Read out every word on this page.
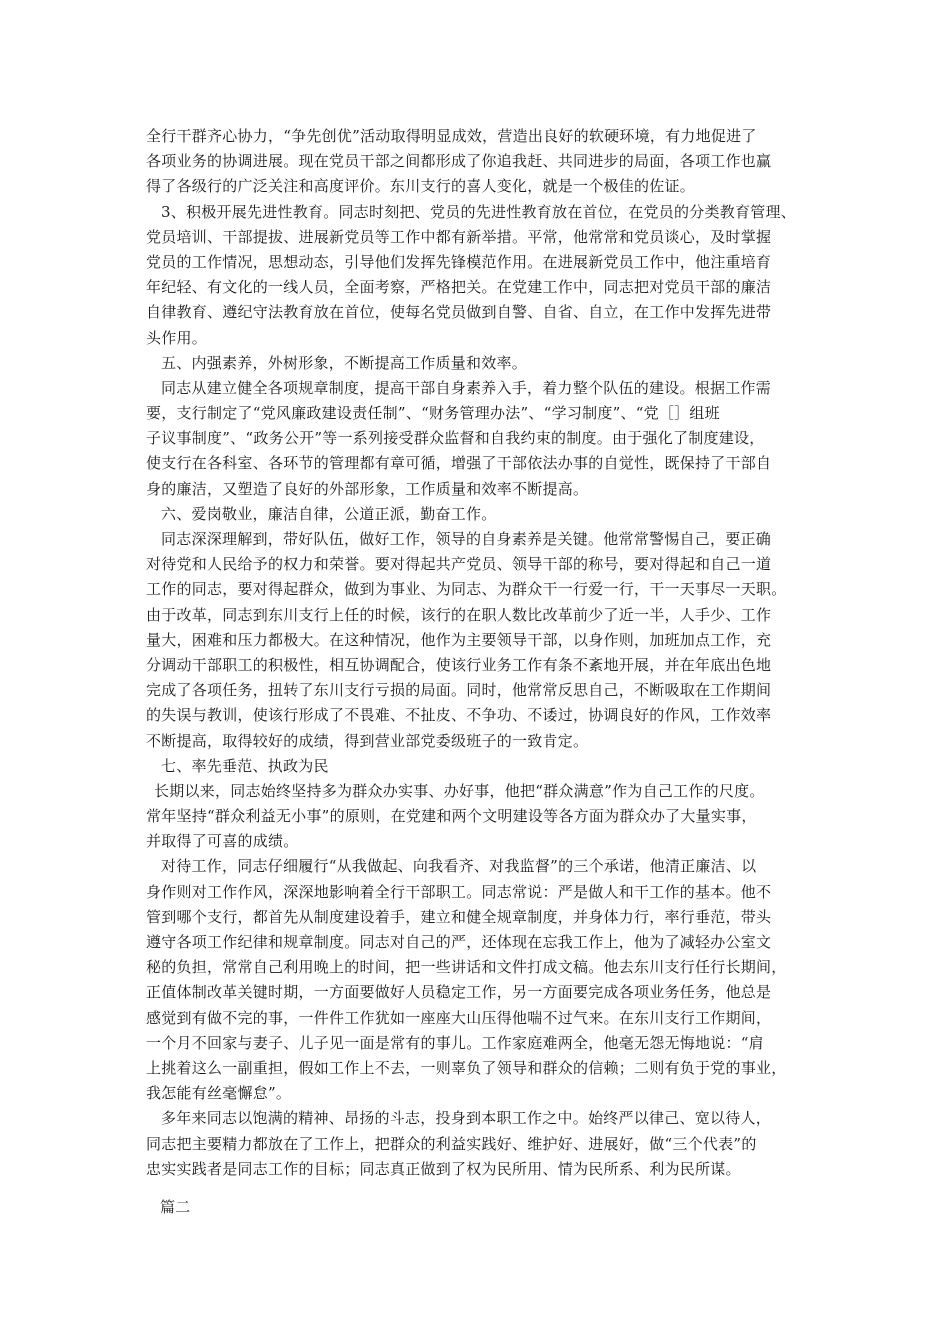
全行干群齐心协力，“争先创优”活动取得明显成效，营造出良好的软硬环境，有力地促进了
各项业务的协调进展。现在党员干部之间都形成了你追我赶、共同进步的局面，各项工作也赢
得了各级行的广泛关注和高度评价。东川支行的喜人变化，就是一个极佳的佐证。
3、积极开展先进性教育。同志时刻把、党员的先进性教育放在首位，在党员的分类教育管理、
党员培训、干部提拔、进展新党员等工作中都有新举措。平常，他常常和党员谈心，及时掌握
党员的工作情况，思想动态，引导他们发挥先锋模范作用。在进展新党员工作中，他注重培育
年纪轻、有文化的一线人员，全面考察，严格把关。在党建工作中，同志把对党员干部的廉洁
自律教育、遵纪守法教育放在首位，使每名党员做到自警、自省、自立，在工作中发挥先进带
头作用。
五、内强素养，外树形象，不断提高工作质量和效率。
同志从建立健全各项规章制度，提高干部自身素养入手，着力整个队伍的建设。根据工作需
要，支行制定了“党风廉政建设责任制”、“财务管理办法”、“学习制度”、“党［］组班
子议事制度”、“政务公开”等一系列接受群众监督和自我约束的制度。由于强化了制度建设，
使支行在各科室、各环节的管理都有章可循，增强了干部依法办事的自觉性，既保持了干部自
身的廉洁，又塑造了良好的外部形象，工作质量和效率不断提高。
六、爱岗敬业，廉洁自律，公道正派，勤奋工作。
同志深深理解到，带好队伍，做好工作，领导的自身素养是关键。他常常警惕自己，要正确
对待党和人民给予的权力和荣誉。要对得起共产党员、领导干部的称号，要对得起和自己一道
工作的同志，要对得起群众，做到为事业、为同志、为群众干一行爱一行，干一天事尽一天职。
由于改革，同志到东川支行上任的时候，该行的在职人数比改革前少了近一半，人手少、工作
量大，困难和压力都极大。在这种情况，他作为主要领导干部，以身作则，加班加点工作，充
分调动干部职工的积极性，相互协调配合，使该行业务工作有条不紊地开展，并在年底出色地
完成了各项任务，扭转了东川支行亏损的局面。同时，他常常反思自己，不断吸取在工作期间
的失误与教训，使该行形成了不畏难、不扯皮、不争功、不诿过，协调良好的作风，工作效率
不断提高，取得较好的成绩，得到营业部党委级班子的一致肯定。
七、率先垂范、执政为民
长期以来，同志始终坚持多为群众办实事、办好事，他把“群众满意”作为自己工作的尺度。
常年坚持“群众利益无小事”的原则，在党建和两个文明建设等各方面为群众办了大量实事，
并取得了可喜的成绩。
对待工作，同志仔细履行“从我做起、向我看齐、对我监督”的三个承诺，他清正廉洁、以
身作则对工作作风，深深地影响着全行干部职工。同志常说：严是做人和干工作的基本。他不
管到哪个支行，都首先从制度建设着手，建立和健全规章制度，并身体力行，率行垂范，带头
遵守各项工作纪律和规章制度。同志对自己的严，还体现在忘我工作上，他为了减轻办公室文
秘的负担，常常自己利用晚上的时间，把一些讲话和文件打成文稿。他去东川支行任行长期间，
正值体制改革关键时期，一方面要做好人员稳定工作，另一方面要完成各项业务任务，他总是
感觉到有做不完的事，一件件工作犹如一座座大山压得他喘不过气来。在东川支行工作期间，
一个月不回家与妻子、儿子见一面是常有的事儿。工作家庭难两全，他毫无怨无悔地说：“肩
上挑着这么一副重担，假如工作上不去，一则辜负了领导和群众的信赖；二则有负于党的事业，
我怎能有丝毫懈怠”。
多年来同志以饱满的精神、昂扬的斗志，投身到本职工作之中。始终严以律己、宽以待人，
同志把主要精力都放在了工作上，把群众的利益实践好、维护好、进展好，做“三个代表”的
忠实实践者是同志工作的目标；同志真正做到了权为民所用、情为民所系、利为民所谋。
篇二
